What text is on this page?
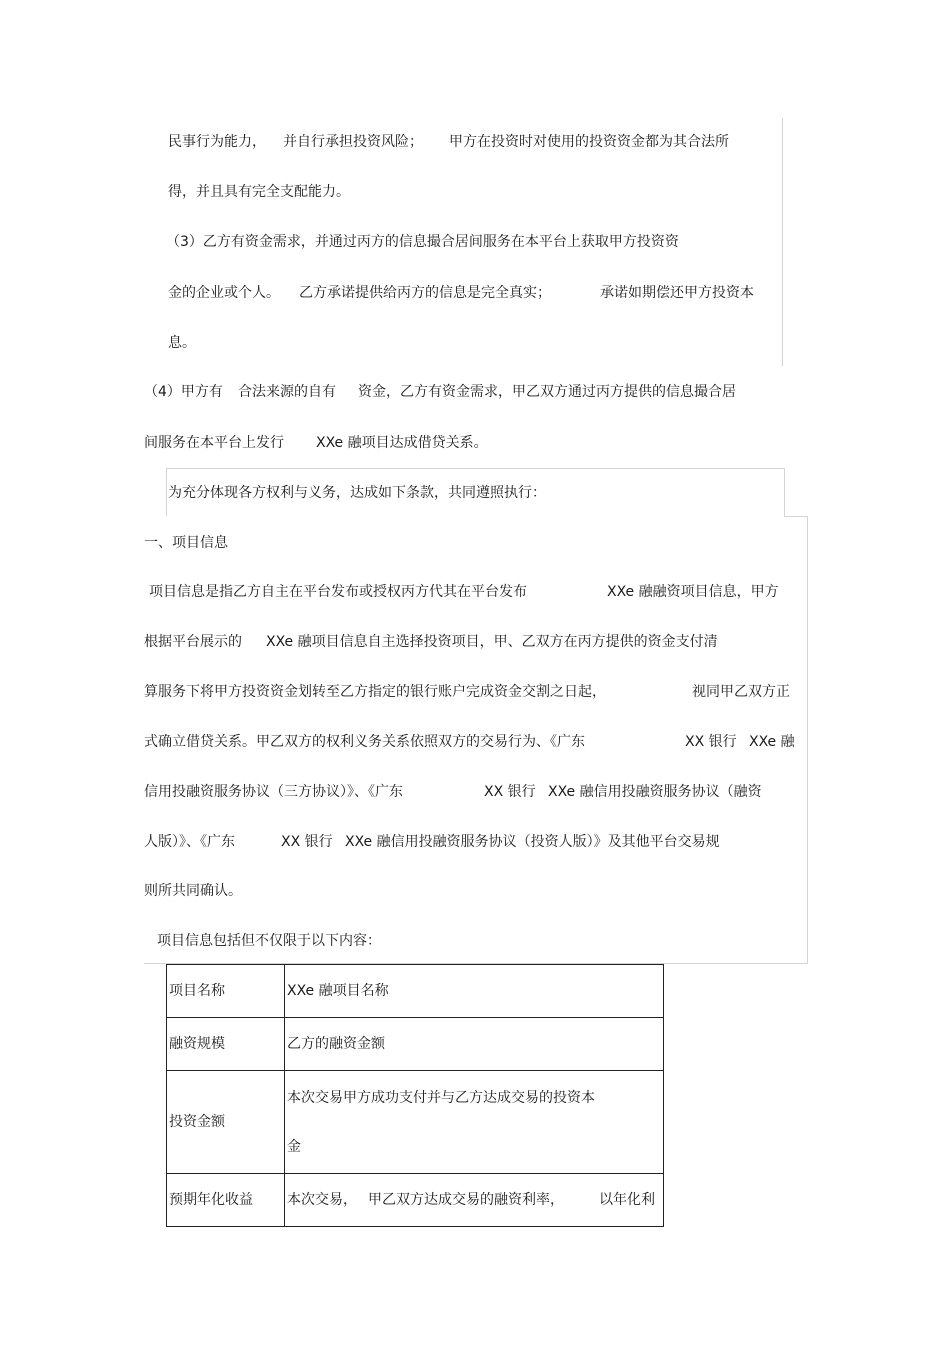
民事行为能力， 并自行承担投资风险； 甲方在投资时对使用的投资资金都为其合法所
得，并且具有完全支配能力。
（3）乙方有资金需求，并通过丙方的信息撮合居间服务在本平台上获取甲方投资资
金的企业或个人。 乙方承诺提供给丙方的信息是完全真实；	承诺如期偿还甲方投资本
息。
（4）甲方有 合法来源的自有 资金，乙方有资金需求，甲乙双方通过丙方提供的信息撮合居
间服务在本平台上发行 XXe 融项目达成借贷关系。
为充分体现各方权利与义务，达成如下条款，共同遵照执行：
一、项目信息
项目信息是指乙方自主在平台发布或授权丙方代其在平台发布	XXe 融融资项目信息，甲方
根据平台展示的 XXe 融项目信息自主选择投资项目，甲、乙双方在丙方提供的资金支付清
算服务下将甲方投资资金划转至乙方指定的银行账户完成资金交割之日起，	视同甲乙双方正
式确立借贷关系。甲乙双方的权利义务关系依照双方的交易行为、《广东	XX 银行 XXe 融
信用投融资服务协议（三方协议）》、《广东	XX 银行 XXe 融信用投融资服务协议（融资
人版）》、《广东	XX 银行 XXe 融信用投融资服务协议（投资人版）》及其他平台交易规
则所共同确认。
项目信息包括但不仅限于以下内容：
项目名称	XXe 融项目名称
融资规模	乙方的融资金额
投资金额	本次交易甲方成功支付并与乙方达成交易的投资本
金

预期年化收益	本次交易， 甲乙双方达成交易的融资利率， 以年化利
